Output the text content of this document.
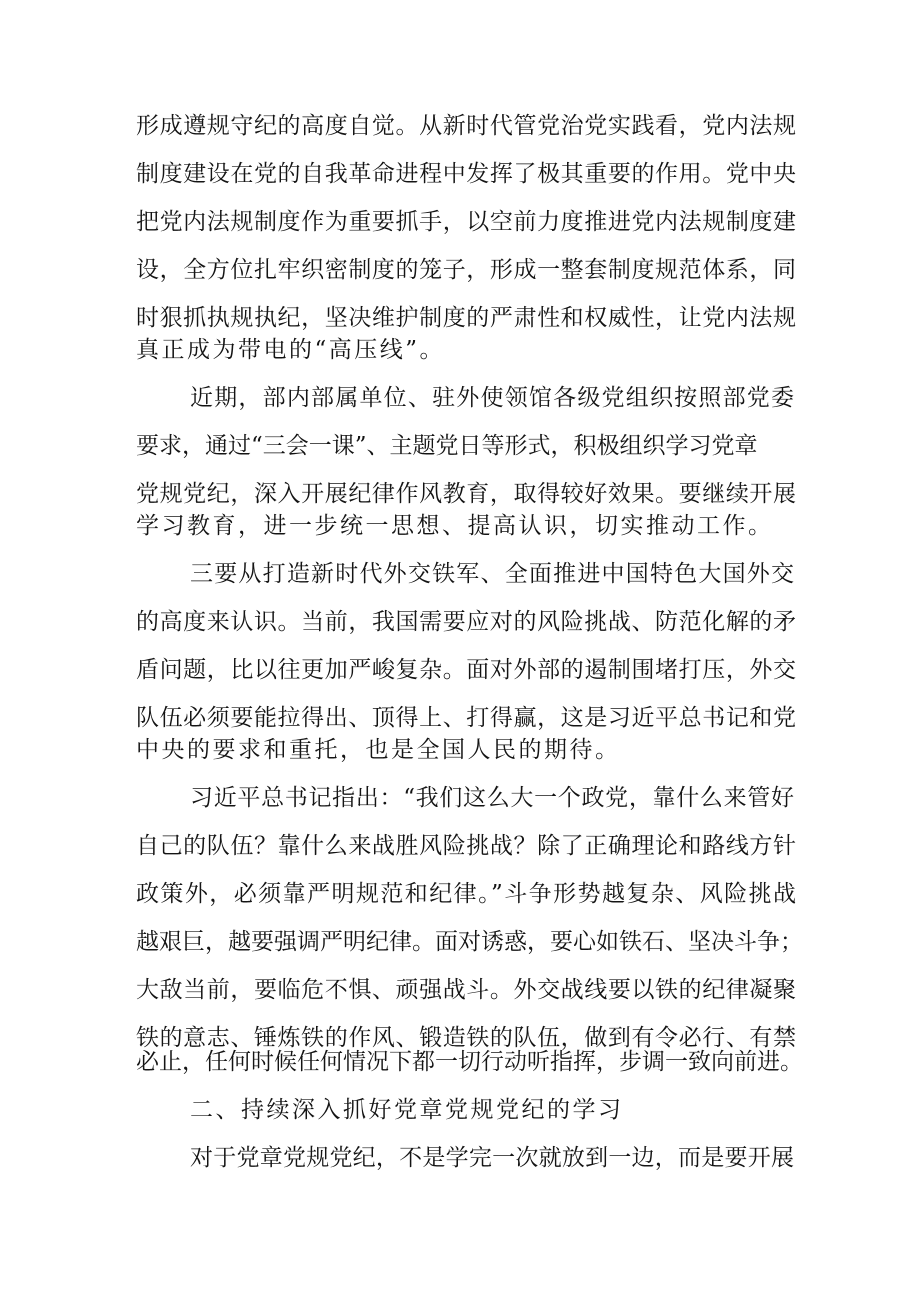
形成遵规守纪的高度自觉。从新时代管党治党实践看，党内法规
制度建设在党的自我革命进程中发挥了极其重要的作用。党中央
把党内法规制度作为重要抓手，以空前力度推进党内法规制度建
设，全方位扎牢织密制度的笼子，形成一整套制度规范体系，同
时狠抓执规执纪，坚决维护制度的严肃性和权威性，让党内法规
真正成为带电的“高压线”。
近期，部内部属单位、驻外使领馆各级党组织按照部党委
要求，通过“三会一课”、主题党日等形式，积极组织学习党章
党规党纪，深入开展纪律作风教育，取得较好效果。要继续开展
学习教育，进一步统一思想、提高认识，切实推动工作。
三要从打造新时代外交铁军、全面推进中国特色大国外交
的高度来认识。当前，我国需要应对的风险挑战、防范化解的矛
盾问题，比以往更加严峻复杂。面对外部的遏制围堵打压，外交
队伍必须要能拉得出、顶得上、打得赢，这是习近平总书记和党
中央的要求和重托，也是全国人民的期待。
习近平总书记指出：“我们这么大一个政党，靠什么来管好
自己的队伍？靠什么来战胜风险挑战？除了正确理论和路线方针
政策外，必须靠严明规范和纪律。”斗争形势越复杂、风险挑战
越艰巨，越要强调严明纪律。面对诱惑，要心如铁石、坚决斗争；
大敌当前，要临危不惧、顽强战斗。外交战线要以铁的纪律凝聚
铁的意志、锤炼铁的作风、锻造铁的队伍，做到有令必行、有禁
必止，任何时候任何情况下都一切行动听指挥，步调一致向前进。
二、持续深入抓好党章党规党纪的学习
对于党章党规党纪，不是学完一次就放到一边，而是要开展
